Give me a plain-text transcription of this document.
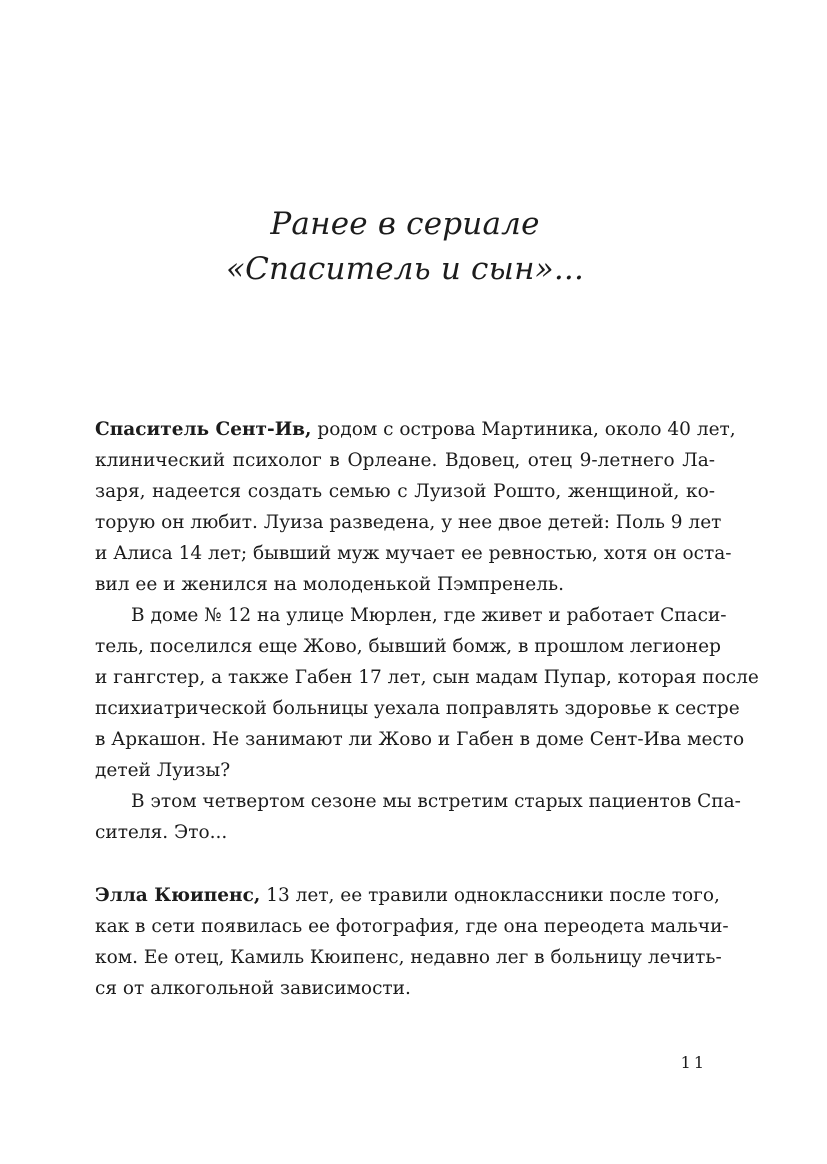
Ранее в сериале
«Спаситель и сын»...
Спаситель Сент-Ив, родом с острова Мартиника, около 40 лет,
клинический психолог в Орлеане. Вдовец, отец 9-летнего Ла-
заря, надеется создать семью с Луизой Рошто, женщиной, ко-
торую он любит. Луиза разведена, у нее двое детей: Поль 9 лет
и Алиса 14 лет; бывший муж мучает ее ревностью, хотя он оста-
вил ее и женился на молоденькой Пэмпренель.
В доме № 12 на улице Мюрлен, где живет и работает Спаси-
тель, поселился еще Жово, бывший бомж, в прошлом легионер
и гангстер, а также Габен 17 лет, сын мадам Пупар, которая после
психиатрической больницы уехала поправлять здоровье к сестре
в Аркашон. Не занимают ли Жово и Габен в доме Сент-Ива место
детей Луизы?
В этом четвертом сезоне мы встретим старых пациентов Спа-
сителя. Это...
Элла Кюипенс, 13 лет, ее травили одноклассники после того,
как в сети появилась ее фотография, где она переодета мальчи-
ком. Ее отец, Камиль Кюипенс, недавно лег в больницу лечить-
ся от алкогольной зависимости.
11
